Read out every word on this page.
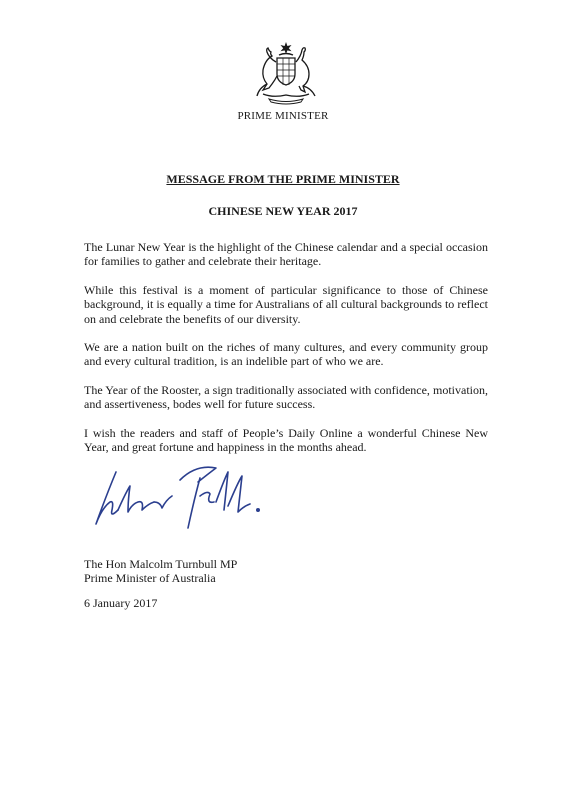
PRIME MINISTER
MESSAGE FROM THE PRIME MINISTER
CHINESE NEW YEAR 2017

The Lunar New Year is the highlight of the Chinese calendar and a special occasion for families to gather and celebrate their heritage.

While this festival is a moment of particular significance to those of Chinese background, it is equally a time for Australians of all cultural backgrounds to reflect on and celebrate the benefits of our diversity.

We are a nation built on the riches of many cultures, and every community group and every cultural tradition, is an indelible part of who we are.

The Year of the Rooster, a sign traditionally associated with confidence, motivation, and assertiveness, bodes well for future success.

I wish the readers and staff of People’s Daily Online a wonderful Chinese New Year, and great fortune and happiness in the months ahead.

The Hon Malcolm Turnbull MP
Prime Minister of Australia
6 January 2017
